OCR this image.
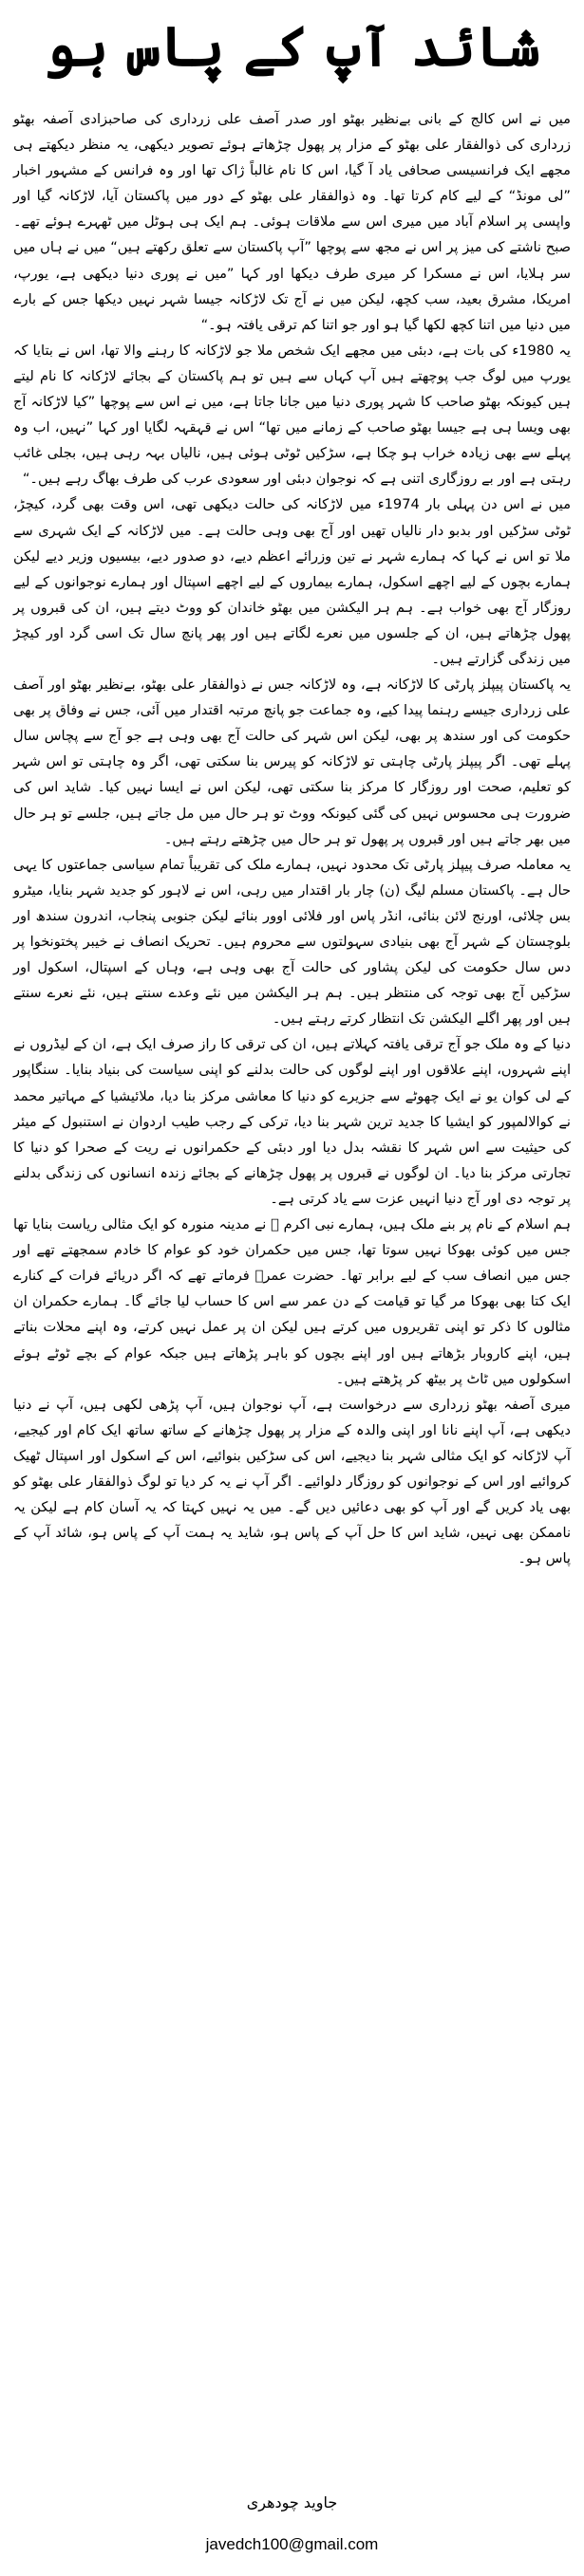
شائد آپ کے پاس ہو

میں نے اس کالج کے بانی بےنظیر بھٹو اور صدر آصف علی زرداری کی صاحبزادی آصفہ بھٹو زرداری کی ذوالفقار علی بھٹو کے مزار پر پھول چڑھاتے ہوئے تصویر دیکھی، یہ منظر دیکھتے ہی مجھے ایک فرانسیسی صحافی یاد آ گیا، اس کا نام غالباً ژاک تھا اور وہ فرانس کے مشہور اخبار ”لی مونڈ“ کے لیے کام کرتا تھا۔ وہ ذوالفقار علی بھٹو کے دور میں پاکستان آیا، لاڑکانہ گیا اور واپسی پر اسلام آباد میں میری اس سے ملاقات ہوئی۔ ہم ایک ہی ہوٹل میں ٹھہرے ہوئے تھے۔ صبح ناشتے کی میز پر اس نے مجھ سے پوچھا ”آپ پاکستان سے تعلق رکھتے ہیں“ میں نے ہاں میں سر ہلایا، اس نے مسکرا کر میری طرف دیکھا اور کہا ”میں نے پوری دنیا دیکھی ہے، یورپ، امریکا، مشرق بعید، سب کچھ، لیکن میں نے آج تک لاڑکانہ جیسا شہر نہیں دیکھا جس کے بارے میں دنیا میں اتنا کچھ لکھا گیا ہو اور جو اتنا کم ترقی یافتہ ہو۔“

یہ 1980ء کی بات ہے، دبئی میں مجھے ایک شخص ملا جو لاڑکانہ کا رہنے والا تھا، اس نے بتایا کہ یورپ میں لوگ جب پوچھتے ہیں آپ کہاں سے ہیں تو ہم پاکستان کے بجائے لاڑکانہ کا نام لیتے ہیں کیونکہ بھٹو صاحب کا شہر پوری دنیا میں جانا جاتا ہے، میں نے اس سے پوچھا ”کیا لاڑکانہ آج بھی ویسا ہی ہے جیسا بھٹو صاحب کے زمانے میں تھا“ اس نے قہقہہ لگایا اور کہا ”نہیں، اب وہ پہلے سے بھی زیادہ خراب ہو چکا ہے، سڑکیں ٹوٹی ہوئی ہیں، نالیاں بہہ رہی ہیں، بجلی غائب رہتی ہے اور بے روزگاری اتنی ہے کہ نوجوان دبئی اور سعودی عرب کی طرف بھاگ رہے ہیں۔“

میں نے اس دن پہلی بار 1974ء میں لاڑکانہ کی حالت دیکھی تھی، اس وقت بھی گرد، کیچڑ، ٹوٹی سڑکیں اور بدبو دار نالیاں تھیں اور آج بھی وہی حالت ہے۔ میں لاڑکانہ کے ایک شہری سے ملا تو اس نے کہا کہ ہمارے شہر نے تین وزرائے اعظم دیے، دو صدور دیے، بیسیوں وزیر دیے لیکن ہمارے بچوں کے لیے اچھے اسکول، ہمارے بیماروں کے لیے اچھے اسپتال اور ہمارے نوجوانوں کے لیے روزگار آج بھی خواب ہے۔ ہم ہر الیکشن میں بھٹو خاندان کو ووٹ دیتے ہیں، ان کی قبروں پر پھول چڑھاتے ہیں، ان کے جلسوں میں نعرے لگاتے ہیں اور پھر پانچ سال تک اسی گرد اور کیچڑ میں زندگی گزارتے ہیں۔

یہ پاکستان پیپلز پارٹی کا لاڑکانہ ہے، وہ لاڑکانہ جس نے ذوالفقار علی بھٹو، بےنظیر بھٹو اور آصف علی زرداری جیسے رہنما پیدا کیے، وہ جماعت جو پانچ مرتبہ اقتدار میں آئی، جس نے وفاق پر بھی حکومت کی اور سندھ پر بھی، لیکن اس شہر کی حالت آج بھی وہی ہے جو آج سے پچاس سال پہلے تھی۔ اگر پیپلز پارٹی چاہتی تو لاڑکانہ کو پیرس بنا سکتی تھی، اگر وہ چاہتی تو اس شہر کو تعلیم، صحت اور روزگار کا مرکز بنا سکتی تھی، لیکن اس نے ایسا نہیں کیا۔ شاید اس کی ضرورت ہی محسوس نہیں کی گئی کیونکہ ووٹ تو ہر حال میں مل جاتے ہیں، جلسے تو ہر حال میں بھر جاتے ہیں اور قبروں پر پھول تو ہر حال میں چڑھتے رہتے ہیں۔

یہ معاملہ صرف پیپلز پارٹی تک محدود نہیں، ہمارے ملک کی تقریباً تمام سیاسی جماعتوں کا یہی حال ہے۔ پاکستان مسلم لیگ (ن) چار بار اقتدار میں رہی، اس نے لاہور کو جدید شہر بنایا، میٹرو بس چلائی، اورنج لائن بنائی، انڈر پاس اور فلائی اوور بنائے لیکن جنوبی پنجاب، اندرون سندھ اور بلوچستان کے شہر آج بھی بنیادی سہولتوں سے محروم ہیں۔ تحریک انصاف نے خیبر پختونخوا پر دس سال حکومت کی لیکن پشاور کی حالت آج بھی وہی ہے، وہاں کے اسپتال، اسکول اور سڑکیں آج بھی توجہ کی منتظر ہیں۔ ہم ہر الیکشن میں نئے وعدے سنتے ہیں، نئے نعرے سنتے ہیں اور پھر اگلے الیکشن تک انتظار کرتے رہتے ہیں۔

دنیا کے وہ ملک جو آج ترقی یافتہ کہلاتے ہیں، ان کی ترقی کا راز صرف ایک ہے، ان کے لیڈروں نے اپنے شہروں، اپنے علاقوں اور اپنے لوگوں کی حالت بدلنے کو اپنی سیاست کی بنیاد بنایا۔ سنگاپور کے لی کوان یو نے ایک چھوٹے سے جزیرے کو دنیا کا معاشی مرکز بنا دیا، ملائیشیا کے مہاتیر محمد نے کوالالمپور کو ایشیا کا جدید ترین شہر بنا دیا، ترکی کے رجب طیب اردوان نے استنبول کے میئر کی حیثیت سے اس شہر کا نقشہ بدل دیا اور دبئی کے حکمرانوں نے ریت کے صحرا کو دنیا کا تجارتی مرکز بنا دیا۔ ان لوگوں نے قبروں پر پھول چڑھانے کے بجائے زندہ انسانوں کی زندگی بدلنے پر توجہ دی اور آج دنیا انہیں عزت سے یاد کرتی ہے۔

ہم اسلام کے نام پر بنے ملک ہیں، ہمارے نبی اکرم ﷺ نے مدینہ منورہ کو ایک مثالی ریاست بنایا تھا جس میں کوئی بھوکا نہیں سوتا تھا، جس میں حکمران خود کو عوام کا خادم سمجھتے تھے اور جس میں انصاف سب کے لیے برابر تھا۔ حضرت عمرؓ فرماتے تھے کہ اگر دریائے فرات کے کنارے ایک کتا بھی بھوکا مر گیا تو قیامت کے دن عمر سے اس کا حساب لیا جائے گا۔ ہمارے حکمران ان مثالوں کا ذکر تو اپنی تقریروں میں کرتے ہیں لیکن ان پر عمل نہیں کرتے، وہ اپنے محلات بناتے ہیں، اپنے کاروبار بڑھاتے ہیں اور اپنے بچوں کو باہر پڑھاتے ہیں جبکہ عوام کے بچے ٹوٹے ہوئے اسکولوں میں ٹاٹ پر بیٹھ کر پڑھتے ہیں۔

میری آصفہ بھٹو زرداری سے درخواست ہے، آپ نوجوان ہیں، آپ پڑھی لکھی ہیں، آپ نے دنیا دیکھی ہے، آپ اپنے نانا اور اپنی والدہ کے مزار پر پھول چڑھانے کے ساتھ ساتھ ایک کام اور کیجیے، آپ لاڑکانہ کو ایک مثالی شہر بنا دیجیے، اس کی سڑکیں بنوائیے، اس کے اسکول اور اسپتال ٹھیک کروائیے اور اس کے نوجوانوں کو روزگار دلوائیے۔ اگر آپ نے یہ کر دیا تو لوگ ذوالفقار علی بھٹو کو بھی یاد کریں گے اور آپ کو بھی دعائیں دیں گے۔ میں یہ نہیں کہتا کہ یہ آسان کام ہے لیکن یہ ناممکن بھی نہیں، شاید اس کا حل آپ کے پاس ہو، شاید یہ ہمت آپ کے پاس ہو، شائد آپ کے پاس ہو۔

جاوید چودھری
javedch100@gmail.com
